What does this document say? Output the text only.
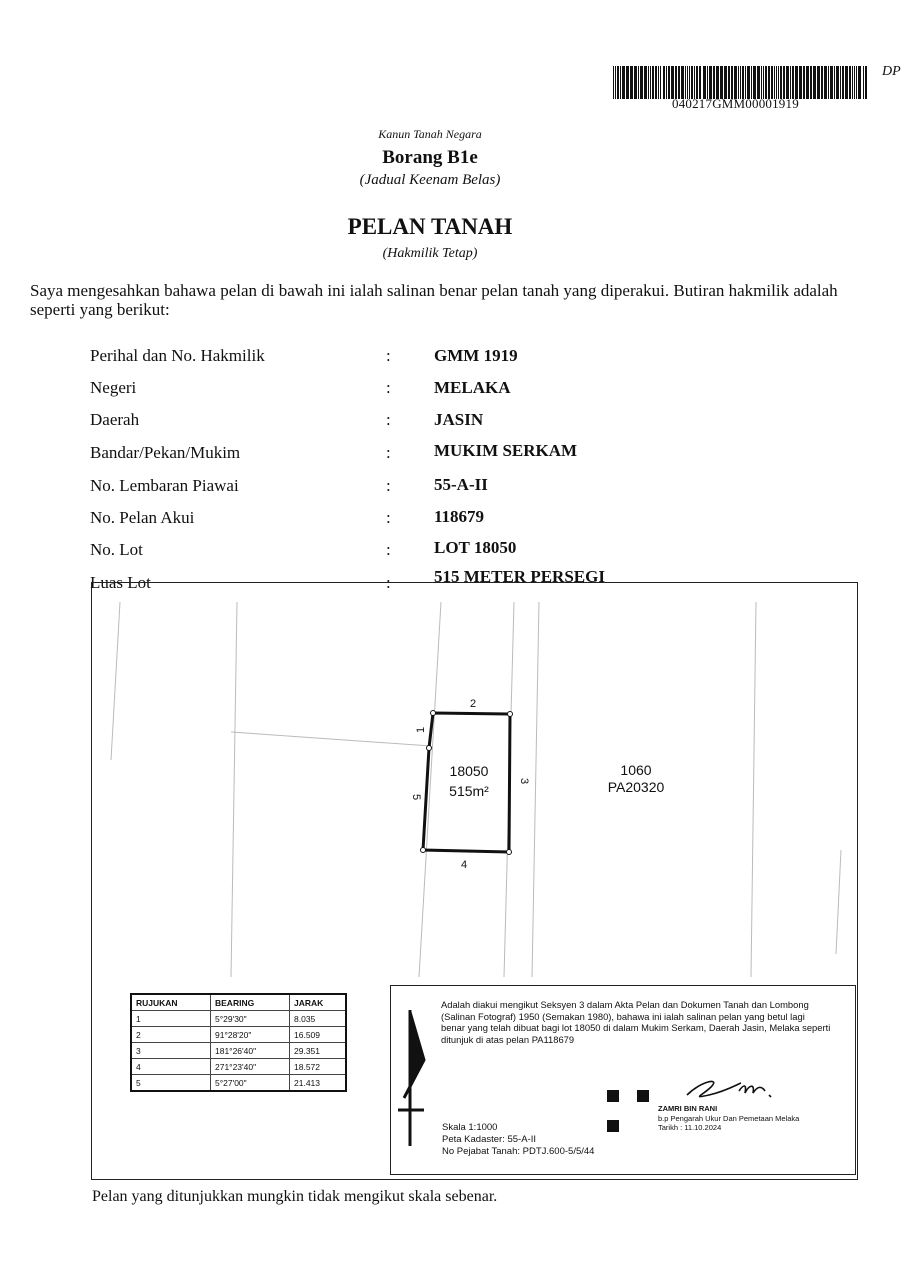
040217GMM00001919
DP
Kanun Tanah Negara
Borang B1e
(Jadual Keenam Belas)
PELAN TANAH
(Hakmilik Tetap)
Saya mengesahkan bahawa pelan di bawah ini ialah salinan benar pelan tanah yang diperakui. Butiran hakmilik adalah seperti yang berikut:
Perihal dan No. Hakmilik	:	GMM 1919
Negeri	:	MELAKA
Daerah	:	JASIN
Bandar/Pekan/Mukim	:	MUKIM SERKAM
No. Lembaran Piawai	:	55-A-II
No. Pelan Akui	:	118679
No. Lot	:	LOT 18050
Luas Lot	:	515 METER PERSEGI
2
4
1
3
5
18050
515m²
1060
PA20320
RUJUKAN	BEARING	JARAK
1	5°29'30"	8.035
2	91°28'20"	16.509
3	181°26'40"	29.351
4	271°23'40"	18.572
5	5°27'00"	21.413
Adalah diakui mengikut Seksyen 3 dalam Akta Pelan dan Dokumen Tanah dan Lombong (Salinan Fotograf) 1950 (Semakan 1980), bahawa ini ialah salinan pelan yang betul lagi benar yang telah dibuat bagi lot 18050 di dalam Mukim Serkam, Daerah Jasin, Melaka seperti ditunjuk di atas pelan PA118679
ZAMRI BIN RANI
b.p Pengarah Ukur Dan Pemetaan Melaka
Tarikh : 11.10.2024
Skala 1:1000
Peta Kadaster: 55-A-II
No Pejabat Tanah: PDTJ.600-5/5/44
Pelan yang ditunjukkan mungkin tidak mengikut skala sebenar.
